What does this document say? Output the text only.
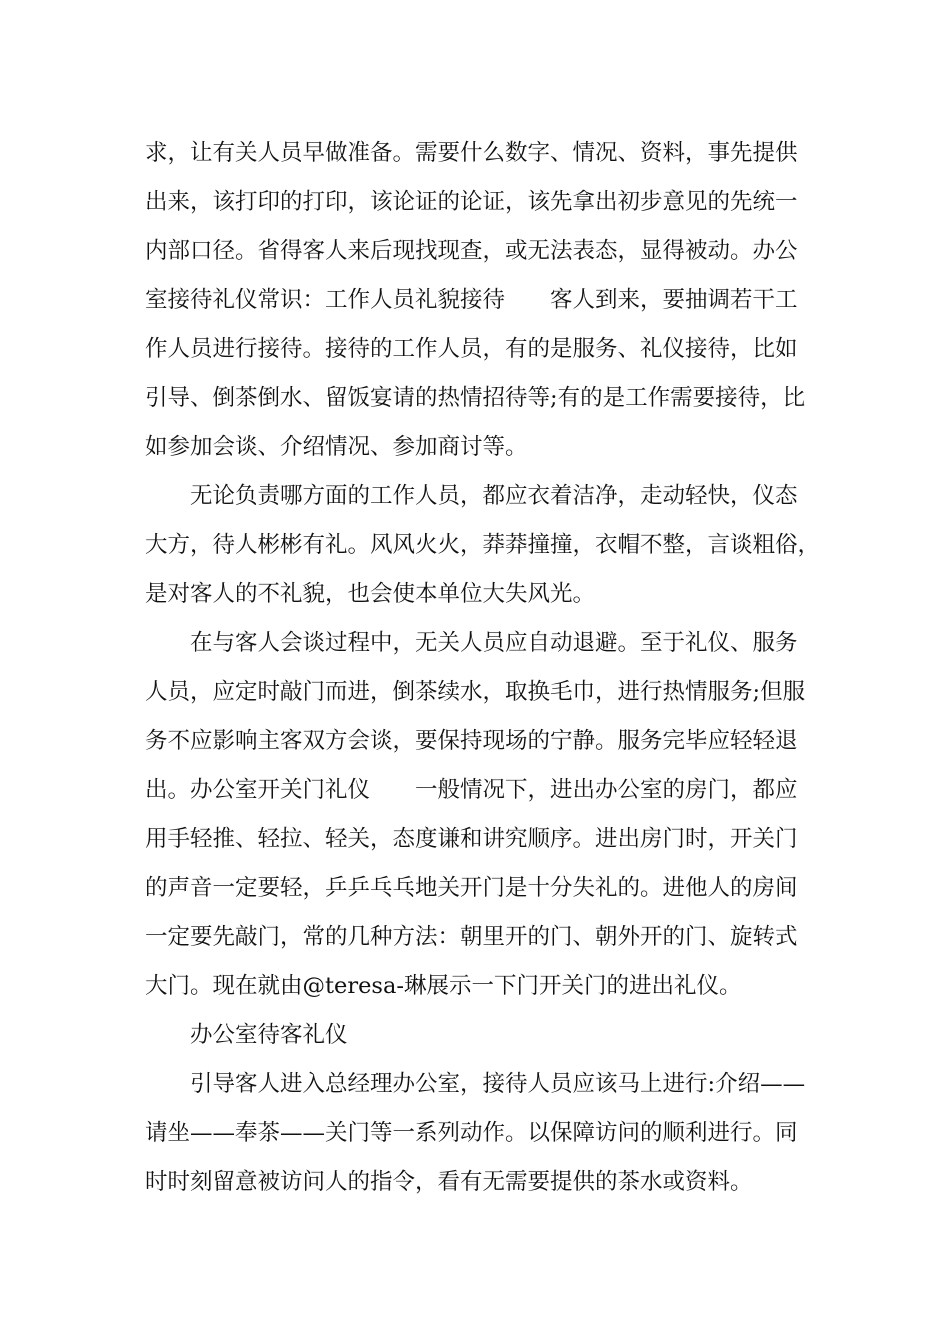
求，让有关人员早做准备。需要什么数字、情况、资料，事先提供
出来，该打印的打印，该论证的论证，该先拿出初步意见的先统一
内部口径。省得客人来后现找现查，或无法表态，显得被动。办公
室接待礼仪常识：工作人员礼貌接待　　客人到来，要抽调若干工
作人员进行接待。接待的工作人员，有的是服务、礼仪接待，比如
引导、倒茶倒水、留饭宴请的热情招待等;有的是工作需要接待，比
如参加会谈、介绍情况、参加商讨等。
　　无论负责哪方面的工作人员，都应衣着洁净，走动轻快，仪态
大方，待人彬彬有礼。风风火火，莽莽撞撞，衣帽不整，言谈粗俗，
是对客人的不礼貌，也会使本单位大失风光。
　　在与客人会谈过程中，无关人员应自动退避。至于礼仪、服务
人员，应定时敲门而进，倒茶续水，取换毛巾，进行热情服务;但服
务不应影响主客双方会谈，要保持现场的宁静。服务完毕应轻轻退
出。办公室开关门礼仪　　一般情况下，进出办公室的房门，都应
用手轻推、轻拉、轻关，态度谦和讲究顺序。进出房门时，开关门
的声音一定要轻，乒乒乓乓地关开门是十分失礼的。进他人的房间
一定要先敲门，常的几种方法：朝里开的门、朝外开的门、旋转式
大门。现在就由@teresa-琳展示一下门开关门的进出礼仪。
　　办公室待客礼仪
　　引导客人进入总经理办公室，接待人员应该马上进行:介绍——
请坐——奉茶——关门等一系列动作。以保障访问的顺利进行。同
时时刻留意被访问人的指令，看有无需要提供的茶水或资料。
